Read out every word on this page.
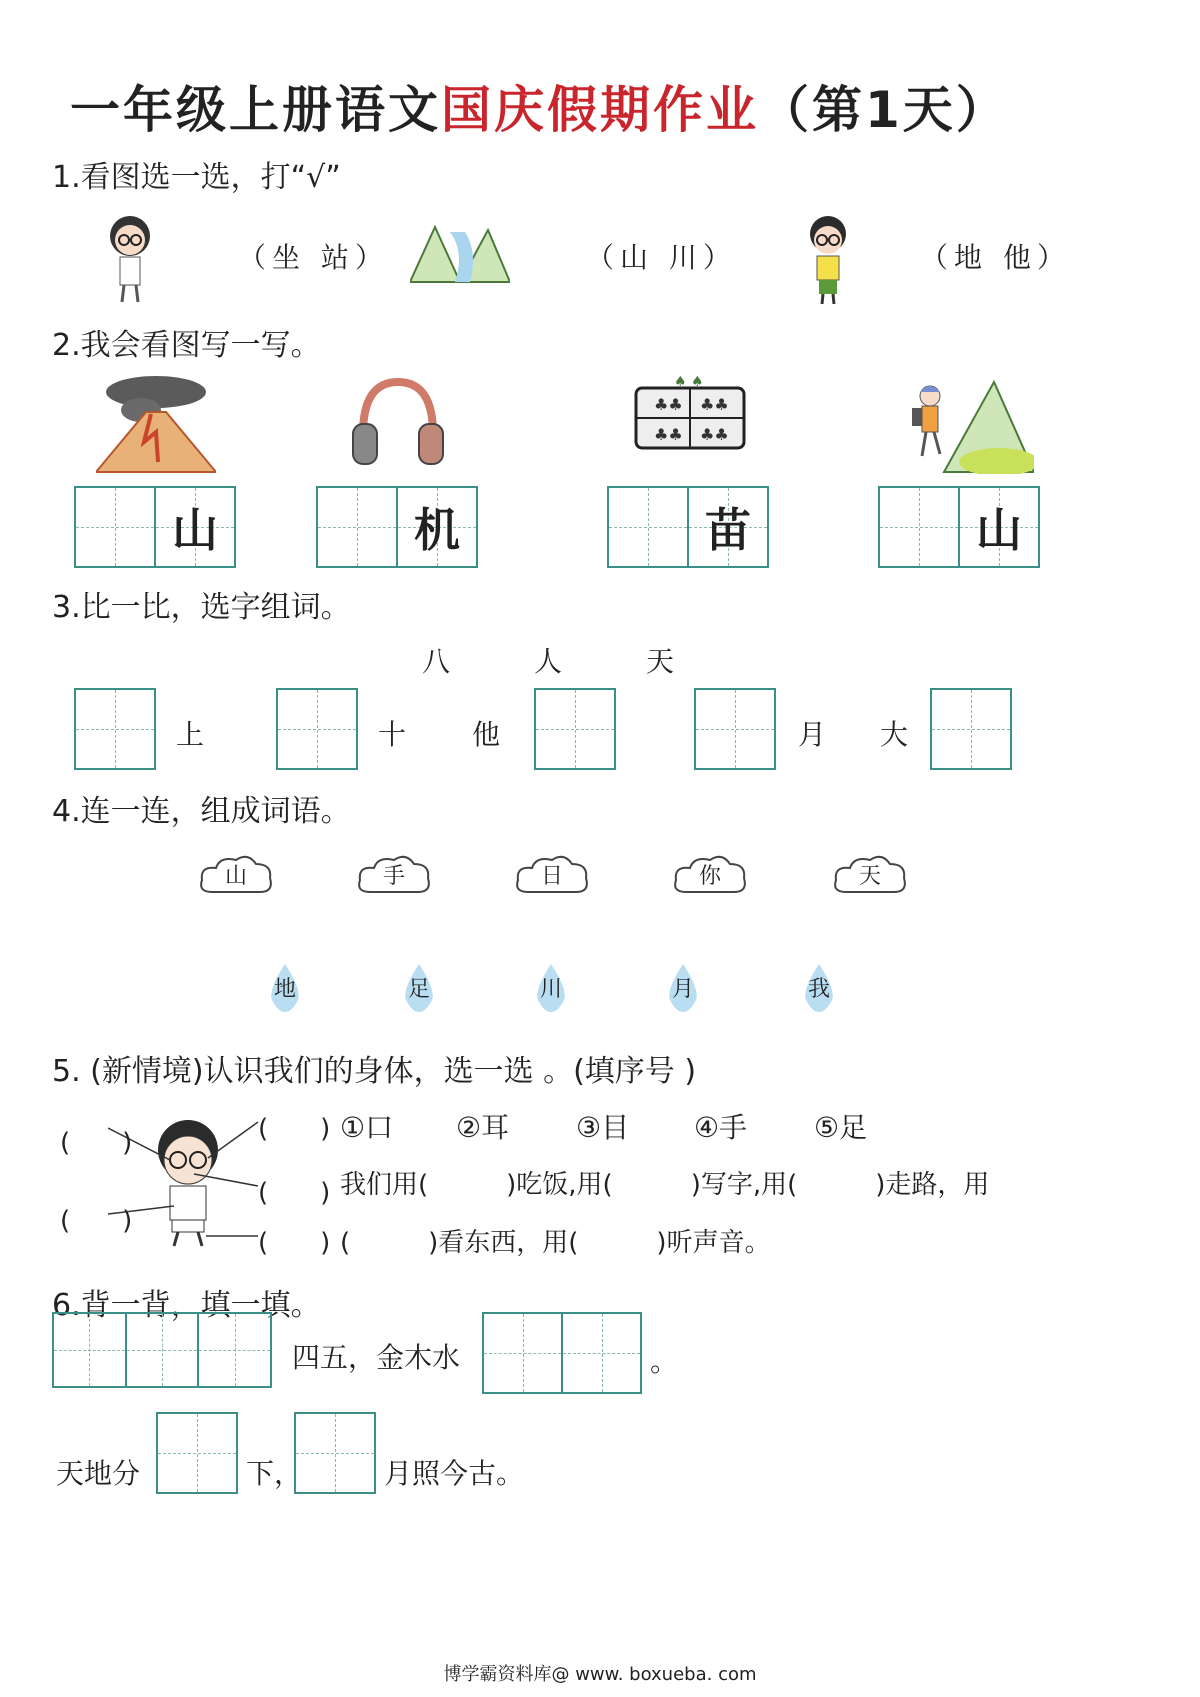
一年级上册语文国庆假期作业（第1天）
1.看图选一选，打“√”
（坐 站）	（山 川）	（地 他）
2.我会看图写一写。
♣♣ ♣♣
♣♣ ♣♣
♠ ♠
山	机	苗	山
3.比一比，选字组词。
八　　　人　　　天
上	十 他	月 大
4.连一连，组成词语。
山	手	日	你	天
地	足	川	月	我
5. (新情境)认识我们的身体，选一选 。(填序号 )
(　　)
(　　)
(　　)
(　　)
(　　)
①口 ②耳 ③目 ④手 ⑤足
我们用(　　　)吃饭,用(　　　)写字,用(　　　)走路，用
(　　　)看东西，用(　　　)听声音。
6.背一背，填一填。
四五，金木水	。
天地分	下，	月照今古。
博学霸资料库@ www. boxueba. com
